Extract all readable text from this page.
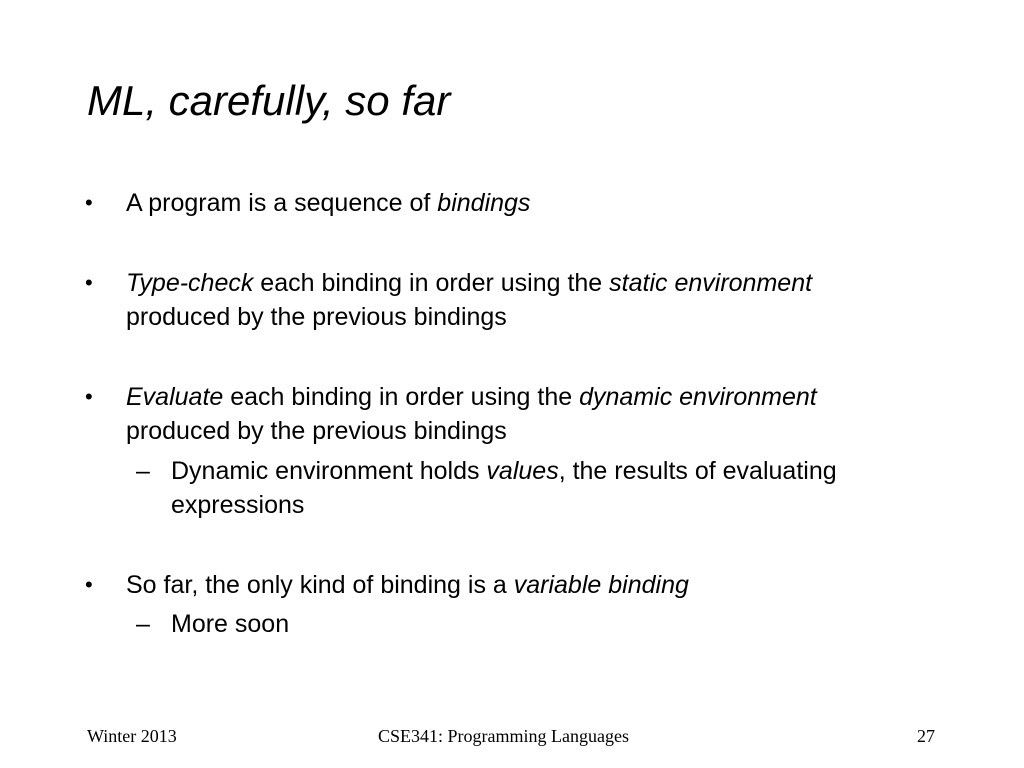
ML, carefully, so far
• A program is a sequence of bindings
• Type-check each binding in order using the static environment
produced by the previous bindings
• Evaluate each binding in order using the dynamic environment
produced by the previous bindings
– Dynamic environment holds values, the results of evaluating
expressions
• So far, the only kind of binding is a variable binding
– More soon
Winter 2013	CSE341: Programming Languages	27
